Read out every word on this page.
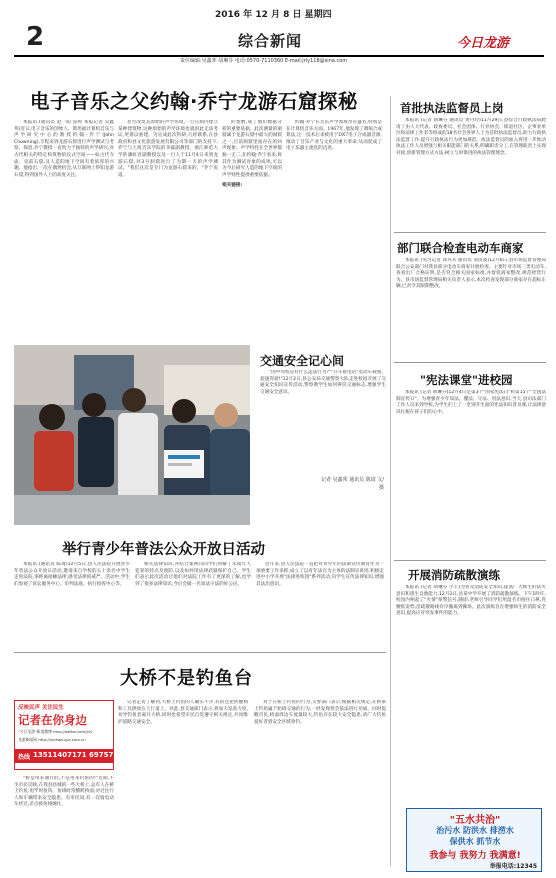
2016 年 12 月 8 日 星期四
2	综合新闻	今日龙游
责任编辑:吴鑫邦 胡琳芬 电话:0570-7110360 E-mail:jrly118@sina.com
电子音乐之父约翰·乔宁龙游石窟探秘

本报讯 (通讯员 赵一阳 雷鸣 本报记者 吴鑫邦)近日,电子音乐的创始人、斯坦福计算机音乐与声学研究中心的教授约翰·乔宁(John Chowning),专程来到龙游石窟进行声学测试与考察。探恩,乔宁教授一直致力于独特的声学研究,对古代相关的特定构筑物的仪式空间——如古代寺庙、史前石窟,及人造的地下空间有着浓厚的兴趣。他指出,一次在偶然机会,从互联网上得知龙游石窟,得到国外人士的高度关注。

甚至改变其原始的声学环境,一旦在洞内建立某种建筑物,这种原始的声学环境也就因此无法考证,更难以重建。为宣成此次科研,几经联系,在县政府和县文化旅游发展有限公司等部门的支持下,乔宁与上海音乐学院的李霖副教授、浙江师范大学的潘虹君副教授以及一行人于11月4日来到龙游石窟,对3号洞窟进行了为期一天的声学测试。"我们这次是专门为龙游石窟来的。"乔宁说道。

的参数,成了他们数据分析的重要依据。此次测量的洞窟属于龙游石窟中最大的洞窟之一,目前洞窟里面存在的回声现象、声学特性在全世界都独一无二,在约翰·乔宁看来,将其作为测试对象的成果,可以为今后研究人造的地下空间的声学特性提供重要依据。

相关链接:

约翰·乔宁在音乐声学领域享有盛名,特别是在计算机音乐方面。1967年,他发现了调频合成算法,这一技术后来被用于DX7电子合成器音源,推动了音乐产业与文化的重大革命,从而促成了电子乐器主流化的迈进。

首批执法监督员上岗

本报讯 (记者 胡琳芬 通讯员 黄丹玲)11月29日,县综合行政执法局聘请了由人大代表、政协委员、社会团体、行业协会、街道社区、企事业单位和法律工作者等组成的18名社会各界人士为首批执法监督员,助力行政执法监督工作,提升行政执法行为更加规范。执法监督员的加入将进一步推动执法工作人员增强与相关职能部门的关系,明确职责分工,在管理职责上实现对接,创新管理方式方法,树立与时俱进的执法管理理念。

部门联合检查电动车商家

本报讯 (见习记者 涂丹禾 通讯员 刘清凌)12月6日,县市场监督管理局联合公安部门对我县部分电动车商家开展检查。主要针对市场三类电动车,查看出厂合格证明,是否符合相关国家标准,并督促商家整改,规范经营行为。县市场监督管理局相关负责人表示,本次检查发现部分商家存在超标车辆,已责令其限期整改。

"宪法课堂"进校园

本报讯 (记者 胡琳芬)12月4日是第3个"国家宪法日"和第15个"全国法制宣传日"。为增强青少年知法、懂法、守法、用法意识,当天,县司法部门工作人员来到学校,为学生们上了一堂别开生面的宪法知识普及课,让法律意识扎根在孩子们的心中。

开展消防疏散演练

本报讯 (记者 胡琳芬 小丰)为普及消防安全知识,提高广大师生的防火意识和逃生自救能力,12月2日,县某中学开展了消防疏散演练。下午1时许,校园内响起了"火情"预警信号,随即,老师引导同学们用湿毛巾捂住口鼻,弯腰低姿势,沿疏散路线有序撤离到操场。此次演练旨在增强师生的消防安全意识,提高应对突发事件的能力。

交通安全记心间

"国中驾校是有什么违法行为?""开车接电话"电动车载重、超速驾驶!"12月2日,县公安局交通警察大队走进校园开展了交通安全知识宣传活动,警察教学生如何辨识交通标志,增强学生交通安全意识。

记者 吴鑫邦 通讯员 陈琦 文/摄
举行青少年普法公众开放日活动

本报讯 (通讯员 陈琦)12月5日,县人民法院开展青少年普法公众开放日活动,邀请来自学校的五十余名中学生走进法院,零距离接触法律,感受法律的威严。活动中,学生们参观了诉讼服务中心、审判法庭、执行指挥中心等。

相关法律知识,并结合案例向同学们讲解了未成年人犯罪的特点及预防,以及如何用法律武器保护自己。学生们表示此次活动让他们对法院工作有了更深的了解,也学到了很多法律知识,今后会做一名知法守法的好公民。

近年来,县人民法院一直把对青少年的法制宣传教育作为一项重要工作来抓,成立了以青年法官为主体的法制宣讲团,积极走进中小学开展"法律进校园"系列活动,向学生宣传法律知识,增强其法治意识。

大桥不是钓鱼台
反映民声 关注民生
记者在你身边
"今日龙游"新浪微博 http://weibo.com/jrly
龙游新闻网 http://lynews.zjol.com.cn
热线 13511407171 6975719

"桥是用来通行的,不是用来钓鱼的!"近期,不少市民反映,在我县县城的一些大桥上,总有人在桥上钓鱼,甩竿时鱼钩、鱼线时常横跨桥面,对过往行人和车辆带来安全隐患。有市民说,有一次骑电动车经过,差点被鱼线缠住。

记者走访了解到,大桥上钓鱼的人确实不少,有的还把折叠椅和工具摆放在人行道上。对此,县交通部门表示,将加大巡查力度,劝导钓鱼者离开大桥,同时也希望市民自觉遵守相关规定,共同维护道路交通安全。

对于在桥上钓鱼的行为,交警部门表示,根据相关规定,在桥梁上钓鱼属于妨碍交通的行为,一经发现将会依法进行劝离。同时提醒市民,桥面周边车流量较大,钓鱼存在较大安全隐患,请广大钓鱼爱好者到安全区域垂钓。

"五水共治"
治污水 防洪水 排涝水
保供水 抓节水
我参与 我努力 我满意!
举报电话:12345
